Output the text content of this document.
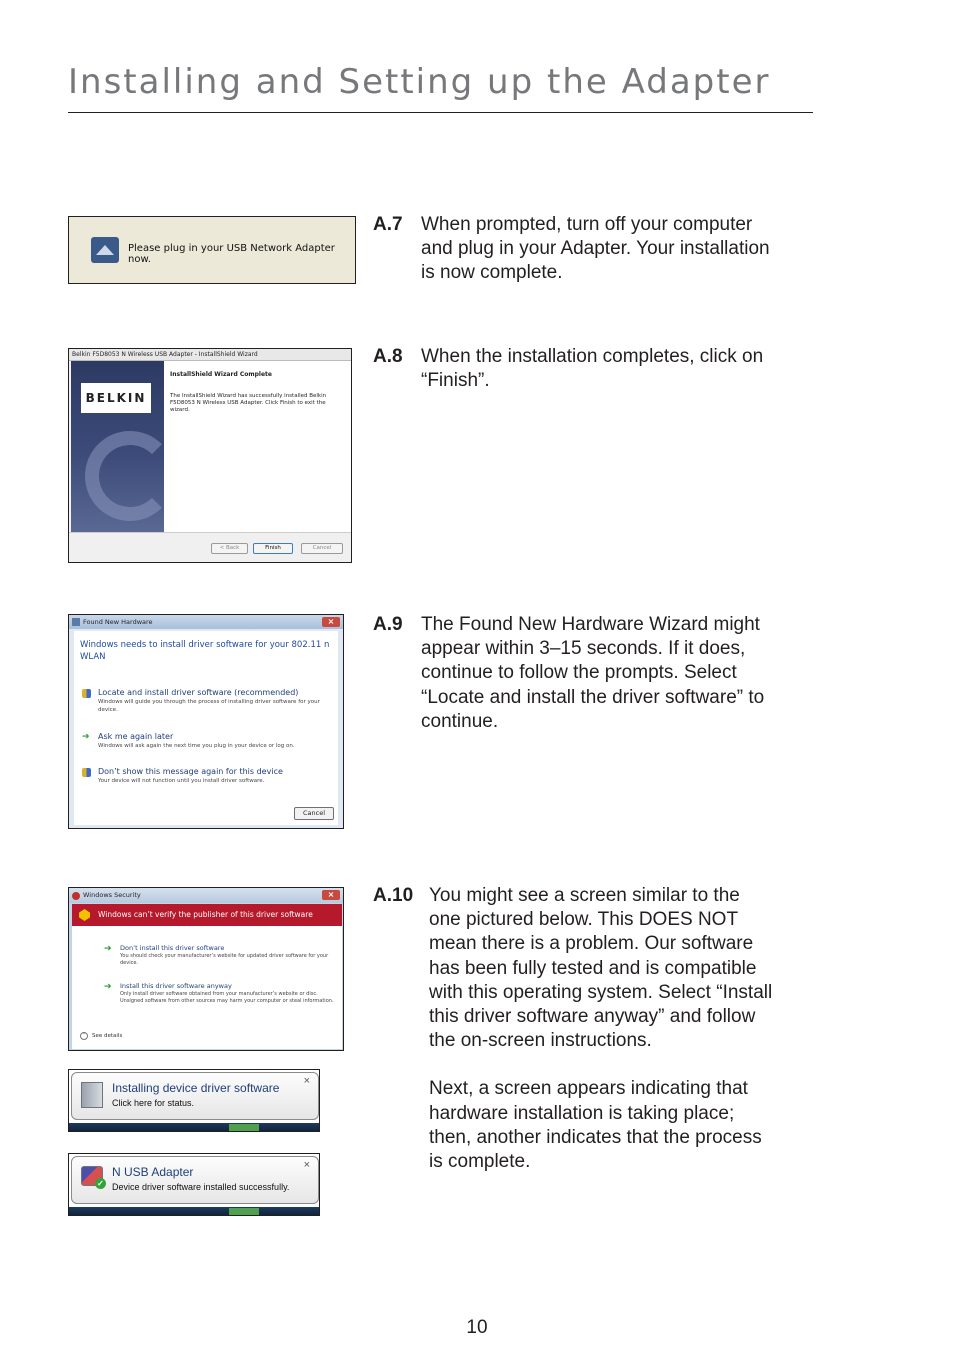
Installing and Setting up the Adapter
Please plug in your USB Network Adapter now.
A.7 When prompted, turn off your computer and plug in your Adapter. Your installation is now complete.

Belkin F5D8053 N Wireless USB Adapter - InstallShield Wizard
BELKIN
InstallShield Wizard Complete
The InstallShield Wizard has successfully installed Belkin F5D8053 N Wireless USB Adapter. Click Finish to exit the wizard.
< Back	Finish	Cancel
A.8 When the installation completes, click on “Finish”.

Found New Hardware	×
Windows needs to install driver software for your 802.11 n WLAN
Locate and install driver software (recommended)
Windows will guide you through the process of installing driver software for your device.
➔ Ask me again later
Windows will ask again the next time you plug in your device or log on.
Don’t show this message again for this device
Your device will not function until you install driver software.
Cancel
A.9 The Found New Hardware Wizard might appear within 3–15 seconds. If it does, continue to follow the prompts. Select “Locate and install the driver software” to continue.

Windows Security	×
Windows can’t verify the publisher of this driver software
➔ Don’t install this driver software
You should check your manufacturer’s website for updated driver software for your device.
➔ Install this driver software anyway
Only install driver software obtained from your manufacturer’s website or disc. Unsigned software from other sources may harm your computer or steal information.
˅	See details
Installing device driver software
Click here for status.
×
✓
N USB Adapter
Device driver software installed successfully.
×
A.10 You might see a screen similar to the one pictured below. This DOES NOT mean there is a problem. Our software has been fully tested and is compatible with this operating system. Select “Install this driver software anyway” and follow the on-screen instructions.

Next, a screen appears indicating that hardware installation is taking place; then, another indicates that the process is complete.

10
